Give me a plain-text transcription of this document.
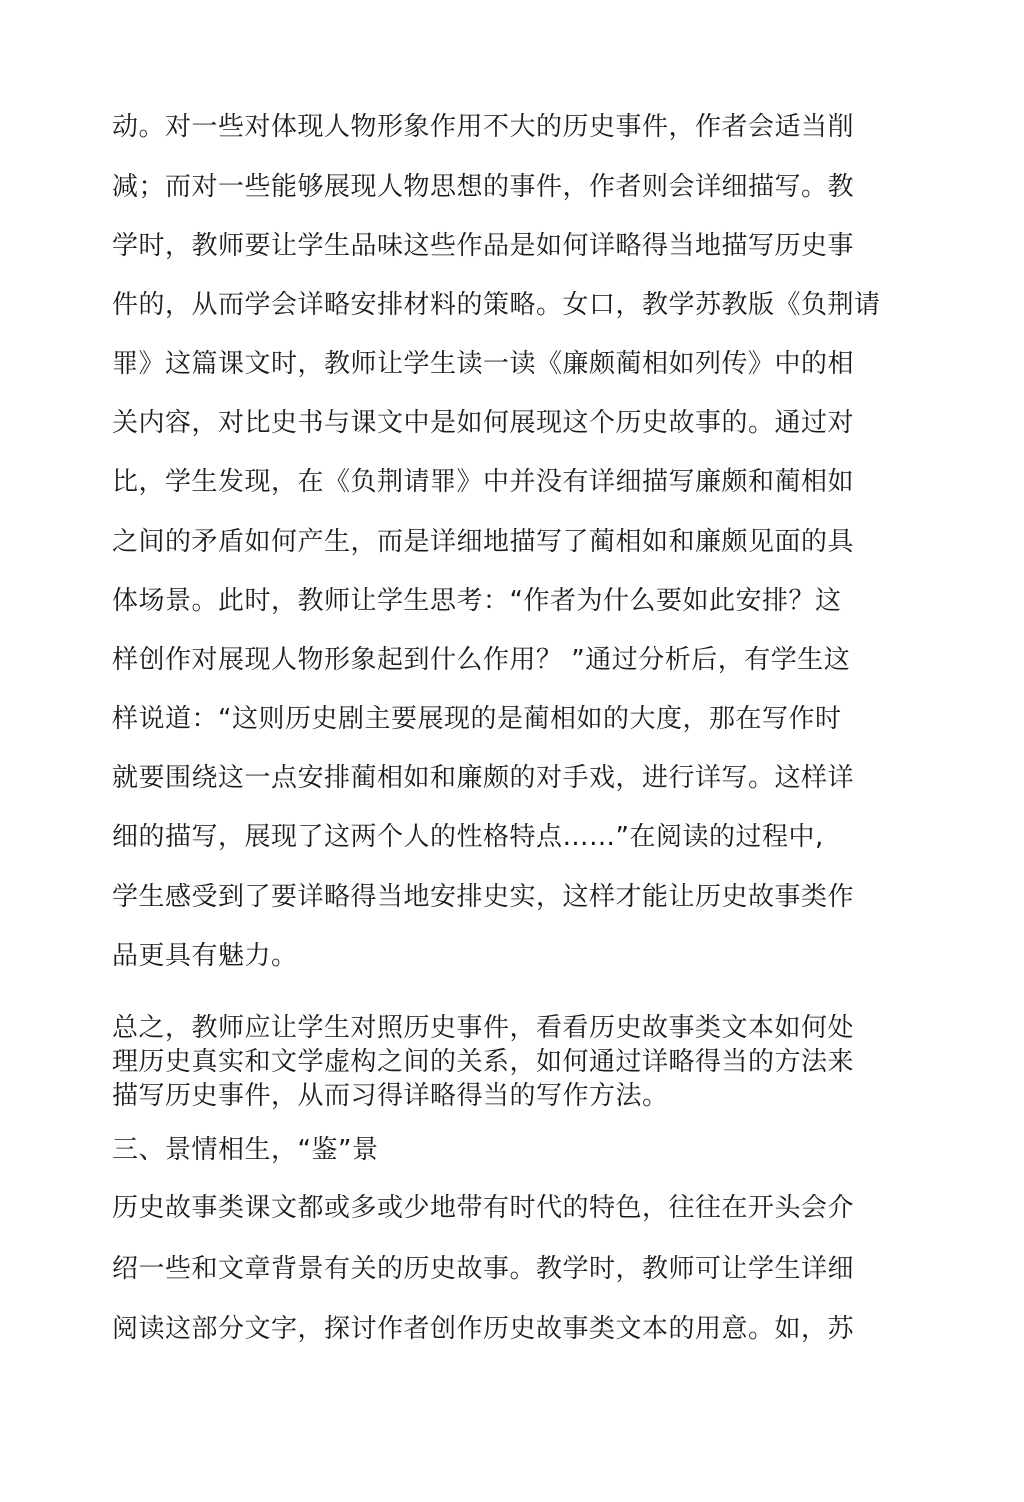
动。对一些对体现人物形象作用不大的历史事件，作者会适当削

减；而对一些能够展现人物思想的事件，作者则会详细描写。教

学时，教师要让学生品味这些作品是如何详略得当地描写历史事

件的，从而学会详略安排材料的策略。女口，教学苏教版《负荆请

罪》这篇课文时，教师让学生读一读《廉颇蔺相如列传》中的相

关内容，对比史书与课文中是如何展现这个历史故事的。通过对

比，学生发现，在《负荆请罪》中并没有详细描写廉颇和蔺相如

之间的矛盾如何产生，而是详细地描写了蔺相如和廉颇见面的具

体场景。此时，教师让学生思考：“作者为什么要如此安排？这

样创作对展现人物形象起到什么作用？ ”通过分析后，有学生这

样说道：“这则历史剧主要展现的是蔺相如的大度，那在写作时

就要围绕这一点安排蔺相如和廉颇的对手戏，进行详写。这样详

细的描写，展现了这两个人的性格特点……”在阅读的过程中,

学生感受到了要详略得当地安排史实，这样才能让历史故事类作

品更具有魅力。

总之，教师应让学生对照历史事件，看看历史故事类文本如何处

理历史真实和文学虚构之间的关系，如何通过详略得当的方法来

描写历史事件，从而习得详略得当的写作方法。

三、景情相生，“鉴”景

历史故事类课文都或多或少地带有时代的特色，往往在开头会介

绍一些和文章背景有关的历史故事。教学时，教师可让学生详细

阅读这部分文字，探讨作者创作历史故事类文本的用意。如，苏
